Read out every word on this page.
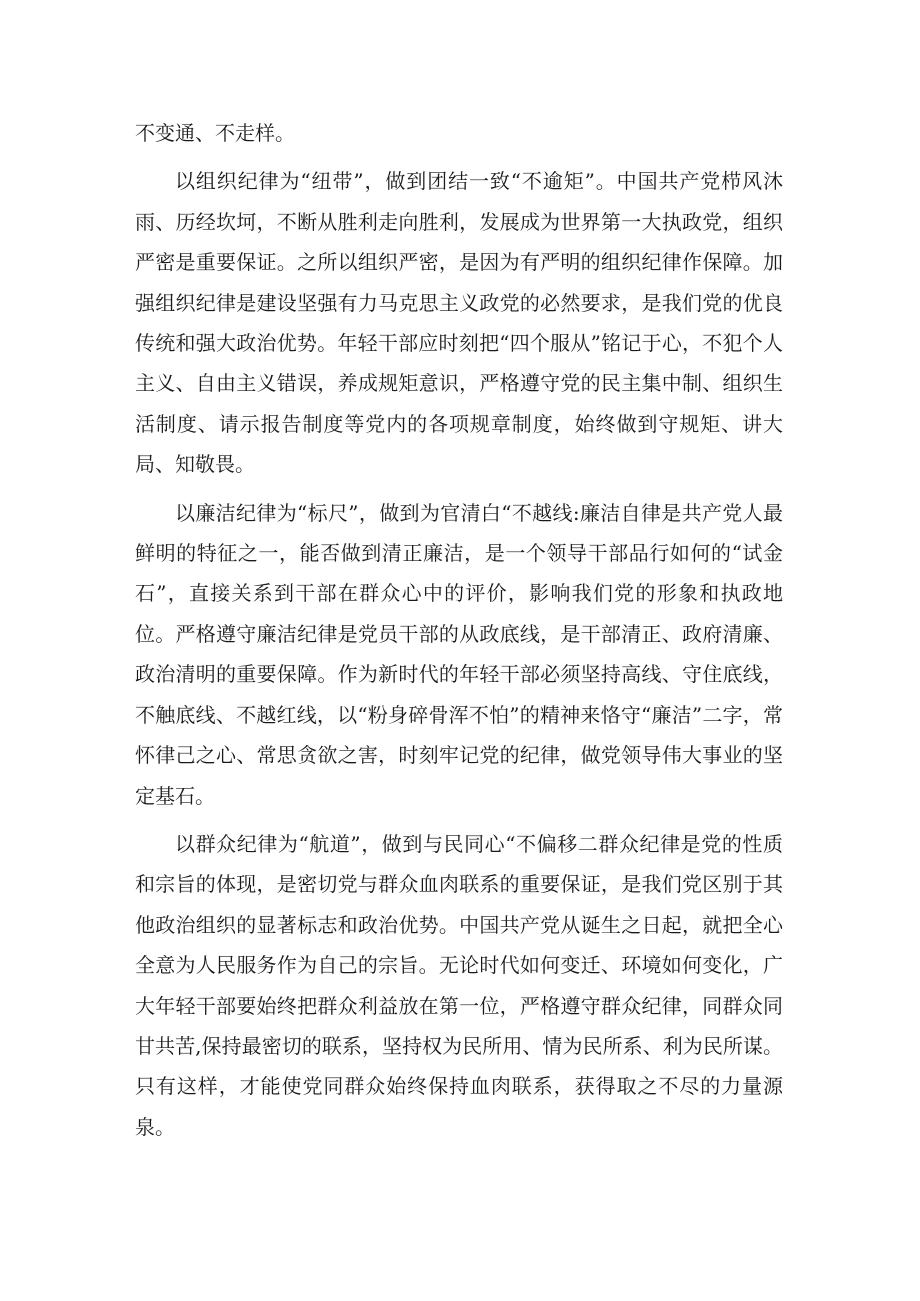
不变通、不走样。

以组织纪律为“纽带”，做到团结一致“不逾矩”。中国共产党栉风沐雨、历经坎坷，不断从胜利走向胜利，发展成为世界第一大执政党，组织严密是重要保证。之所以组织严密，是因为有严明的组织纪律作保障。加强组织纪律是建设坚强有力马克思主义政党的必然要求，是我们党的优良传统和强大政治优势。年轻干部应时刻把“四个服从”铭记于心，不犯个人主义、自由主义错误，养成规矩意识，严格遵守党的民主集中制、组织生活制度、请示报告制度等党内的各项规章制度，始终做到守规矩、讲大局、知敬畏。

以廉洁纪律为“标尺”，做到为官清白“不越线:廉洁自律是共产党人最鲜明的特征之一，能否做到清正廉洁，是一个领导干部品行如何的“试金石”，直接关系到干部在群众心中的评价，影响我们党的形象和执政地位。严格遵守廉洁纪律是党员干部的从政底线，是干部清正、政府清廉、政治清明的重要保障。作为新时代的年轻干部必须坚持高线、守住底线，不触底线、不越红线，以“粉身碎骨浑不怕”的精神来恪守“廉洁”二字，常怀律己之心、常思贪欲之害，时刻牢记党的纪律，做党领导伟大事业的坚定基石。

以群众纪律为“航道”，做到与民同心“不偏移二群众纪律是党的性质和宗旨的体现，是密切党与群众血肉联系的重要保证，是我们党区别于其他政治组织的显著标志和政治优势。中国共产党从诞生之日起，就把全心全意为人民服务作为自己的宗旨。无论时代如何变迁、环境如何变化，广大年轻干部要始终把群众利益放在第一位，严格遵守群众纪律，同群众同甘共苦,保持最密切的联系，坚持权为民所用、情为民所系、利为民所谋。只有这样，才能使党同群众始终保持血肉联系，获得取之不尽的力量源泉。
